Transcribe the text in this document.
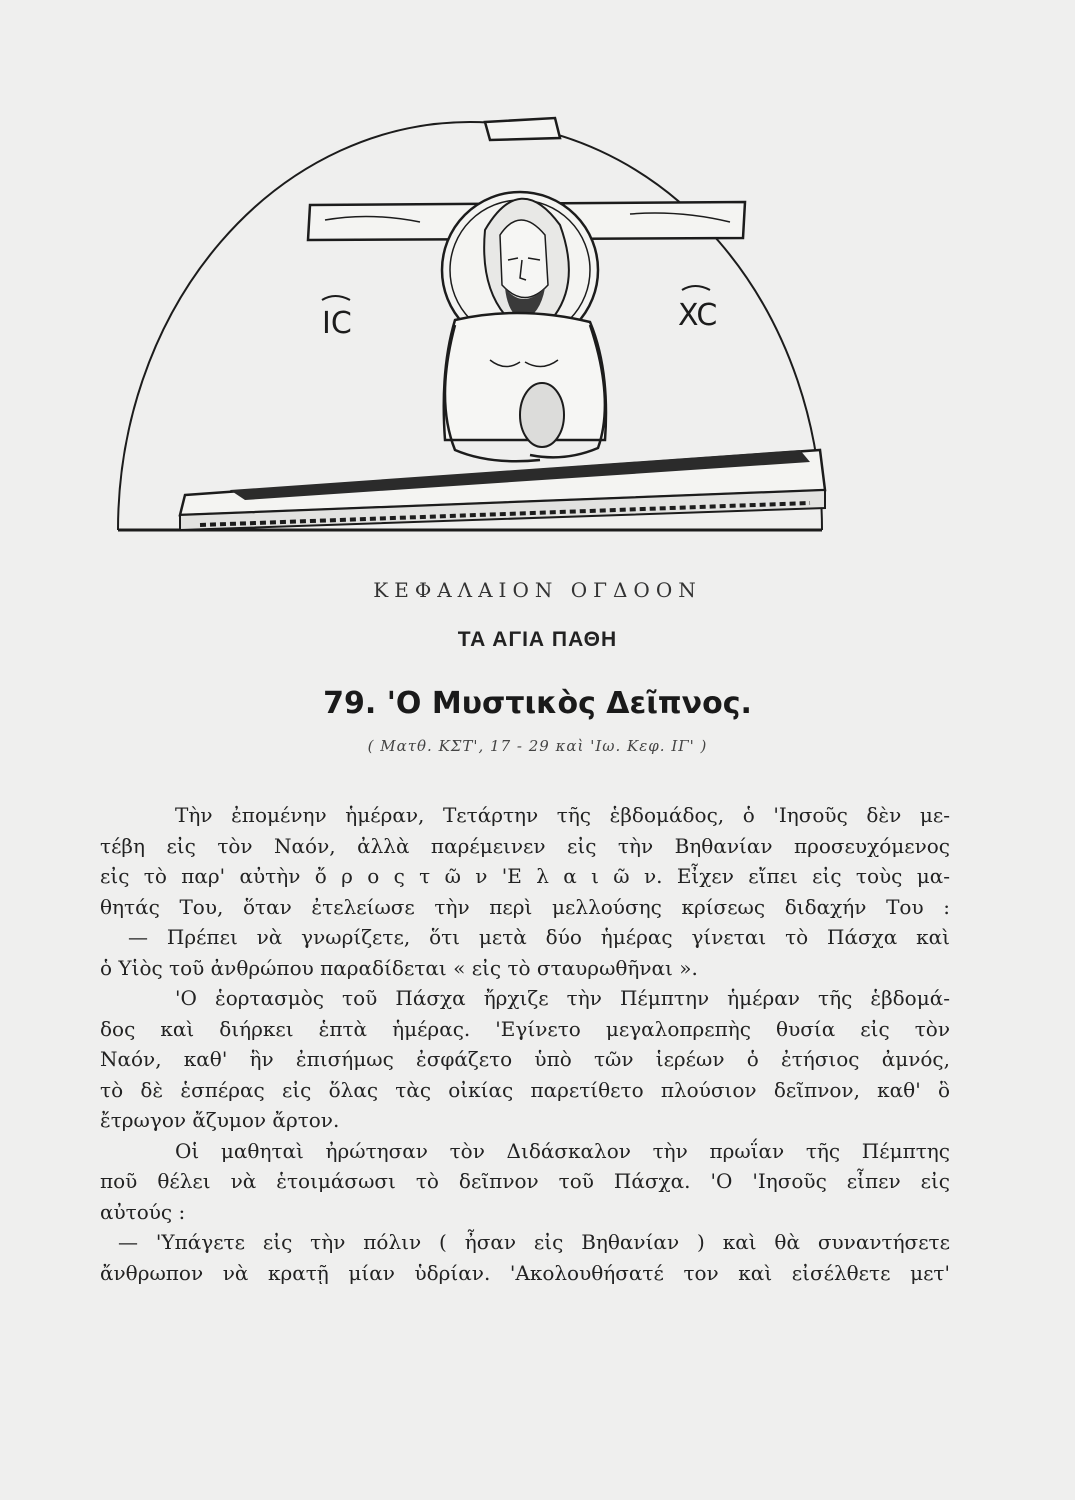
IC	XC
ΚΕΦΑΛΑΙΟΝ ΟΓΔΟΟΝ
ΤΑ ΑΓΙΑ ΠΑΘΗ
79. 'Ο Μυστικὸς Δεῖπνος.
( Ματθ. ΚΣΤ', 17 - 29 καὶ 'Ιω. Κεφ. ΙΓ' )
Τὴν ἐπομένην ἡμέραν, Τετάρτην τῆς ἑβδομάδος, ὁ 'Ιησοῦς δὲν με-
τέβη εἰς τὸν Ναόν, ἀλλὰ παρέμεινεν εἰς τὴν Βηθανίαν προσευχόμενος
εἰς τὸ παρ' αὐτὴν ὄ ρ ο ς τ ῶ ν 'Ε λ α ι ῶ ν. Εἶχεν εἴπει εἰς τοὺς μα-
θητάς Του, ὅταν ἐτελείωσε τὴν περὶ μελλούσης κρίσεως διδαχήν Του :
— Πρέπει νὰ γνωρίζετε, ὅτι μετὰ δύο ἡμέρας γίνεται τὸ Πάσχα καὶ
ὁ Υἱὸς τοῦ ἀνθρώπου παραδίδεται « εἰς τὸ σταυρωθῆναι ».
'Ο ἑορτασμὸς τοῦ Πάσχα ἤρχιζε τὴν Πέμπτην ἡμέραν τῆς ἑβδομά-
δος καὶ διήρκει ἑπτὰ ἡμέρας. 'Εγίνετο μεγαλοπρεπὴς θυσία εἰς τὸν
Ναόν, καθ' ἣν ἐπισήμως ἐσφάζετο ὑπὸ τῶν ἱερέων ὁ ἐτήσιος ἀμνός,
τὸ δὲ ἑσπέρας εἰς ὅλας τὰς οἰκίας παρετίθετο πλούσιον δεῖπνον, καθ' ὃ
ἔτρωγον ἄζυμον ἄρτον.
Οἱ μαθηταὶ ἠρώτησαν τὸν Διδάσκαλον τὴν πρωΐαν τῆς Πέμπτης
ποῦ θέλει νὰ ἑτοιμάσωσι τὸ δεῖπνον τοῦ Πάσχα. 'Ο 'Ιησοῦς εἶπεν εἰς
αὐτούς :
— 'Υπάγετε εἰς τὴν πόλιν ( ἦσαν εἰς Βηθανίαν ) καὶ θὰ συναντήσετε
ἄνθρωπον νὰ κρατῇ μίαν ὑδρίαν. 'Ακολουθήσατέ τον καὶ εἰσέλθετε μετ'
